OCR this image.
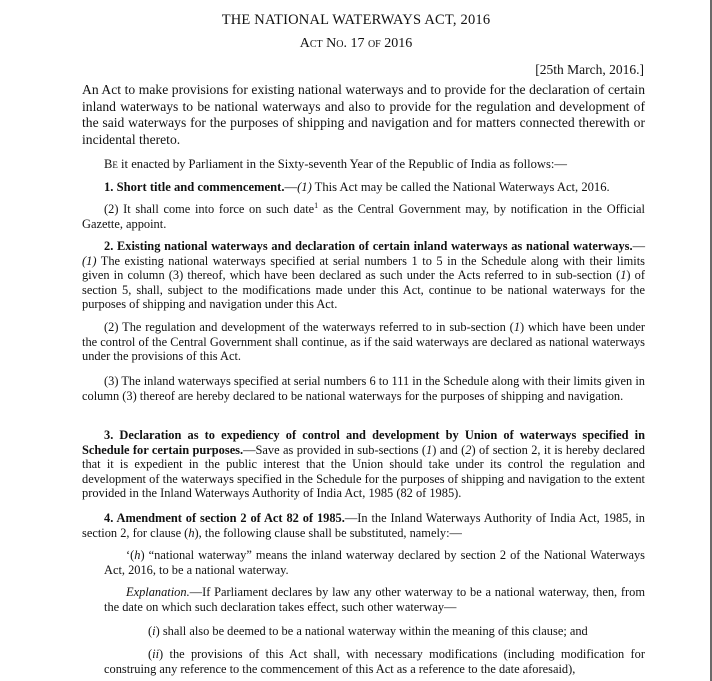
THE NATIONAL WATERWAYS ACT, 2016
Act No. 17 of 2016
[25th March, 2016.]

An Act to make provisions for existing national waterways and to provide for the declaration of certain inland waterways to be national waterways and also to provide for the regulation and development of the said waterways for the purposes of shipping and navigation and for matters connected therewith or incidental thereto.

Be it enacted by Parliament in the Sixty-seventh Year of the Republic of India as follows:—

1. Short title and commencement.—(1) This Act may be called the National Waterways Act, 2016.

(2) It shall come into force on such date$^1$ as the Central Government may, by notification in the Official Gazette, appoint.

2. Existing national waterways and declaration of certain inland waterways as national waterways.—(1) The existing national waterways specified at serial numbers 1 to 5 in the Schedule along with their limits given in column (3) thereof, which have been declared as such under the Acts referred to in sub-section (1) of section 5, shall, subject to the modifications made under this Act, continue to be national waterways for the purposes of shipping and navigation under this Act.

(2) The regulation and development of the waterways referred to in sub-section (1) which have been under the control of the Central Government shall continue, as if the said waterways are declared as national waterways under the provisions of this Act.

(3) The inland waterways specified at serial numbers 6 to 111 in the Schedule along with their limits given in column (3) thereof are hereby declared to be national waterways for the purposes of shipping and navigation.

3. Declaration as to expediency of control and development by Union of waterways specified in Schedule for certain purposes.—Save as provided in sub-sections (1) and (2) of section 2, it is hereby declared that it is expedient in the public interest that the Union should take under its control the regulation and development of the waterways specified in the Schedule for the purposes of shipping and navigation to the extent provided in the Inland Waterways Authority of India Act, 1985 (82 of 1985).

4. Amendment of section 2 of Act 82 of 1985.—In the Inland Waterways Authority of India Act, 1985, in section 2, for clause (h), the following clause shall be substituted, namely:—

‘(h) “national waterway” means the inland waterway declared by section 2 of the National Waterways Act, 2016, to be a national waterway.

Explanation.—If Parliament declares by law any other waterway to be a national waterway, then, from the date on which such declaration takes effect, such other waterway—

(i) shall also be deemed to be a national waterway within the meaning of this clause; and

(ii) the provisions of this Act shall, with necessary modifications (including modification for construing any reference to the commencement of this Act as a reference to the date aforesaid),
